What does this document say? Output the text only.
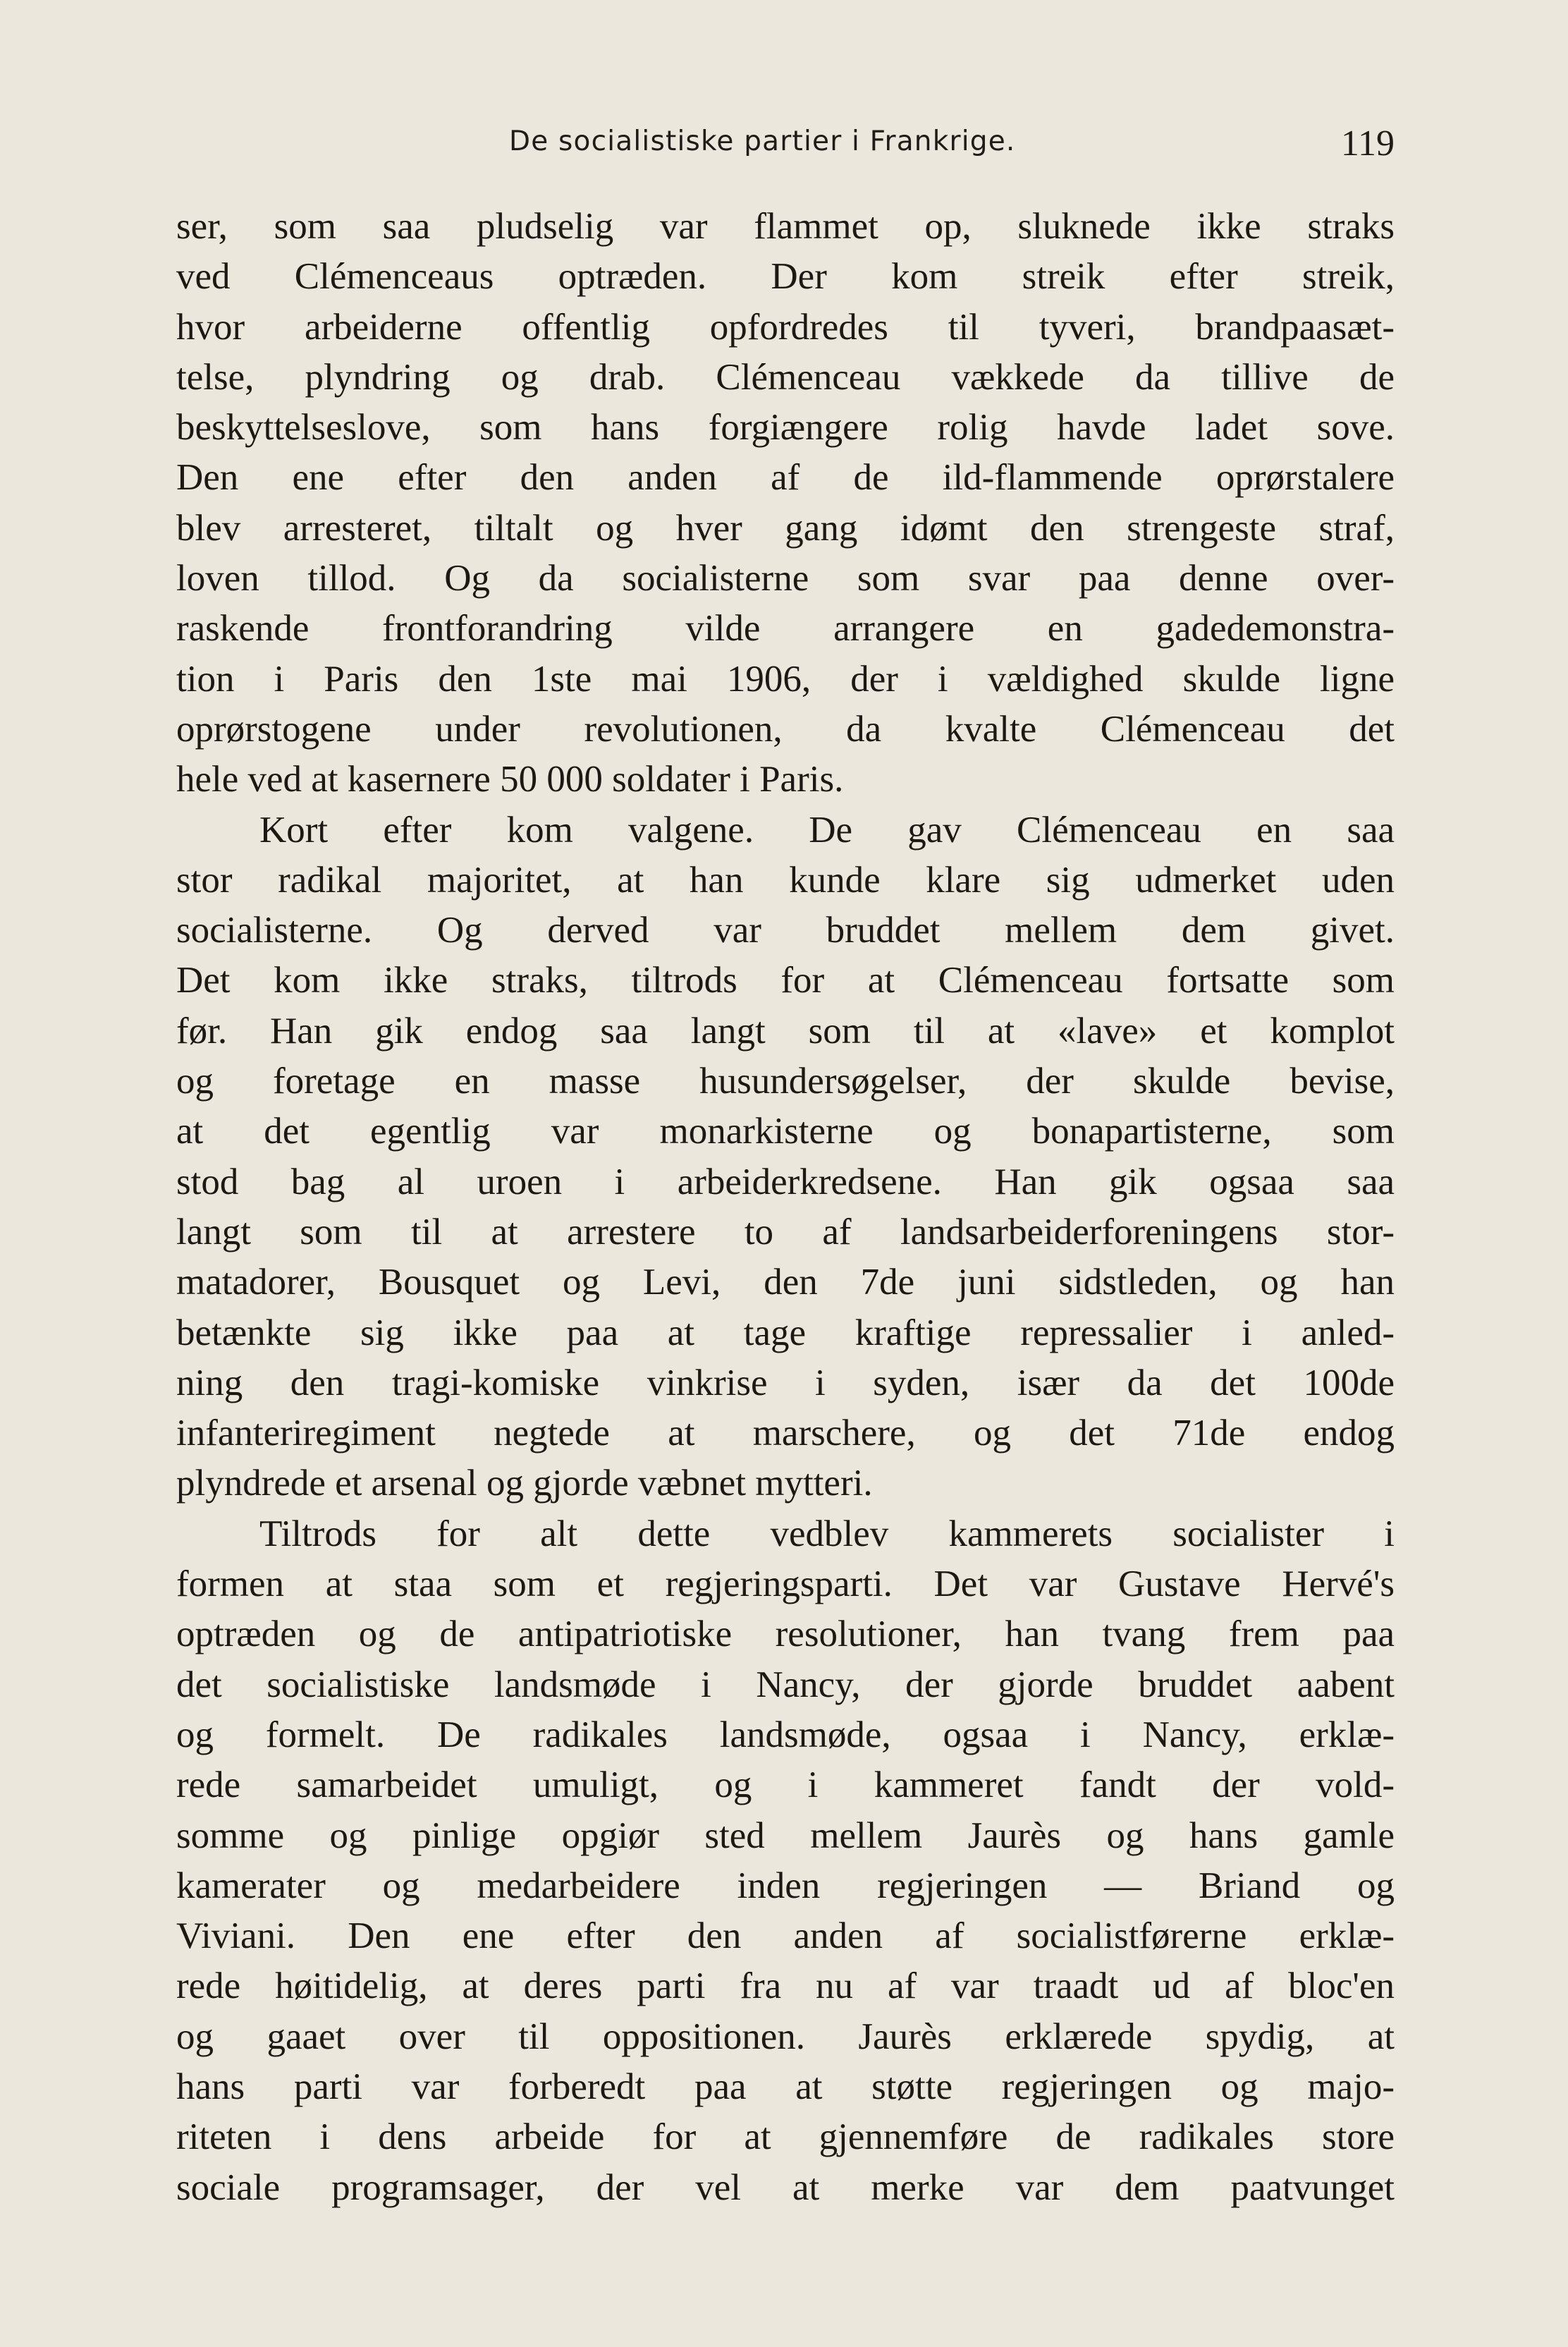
De socialistiske partier i Frankrige.	119
ser, som saa pludselig var flammet op, sluknede ikke straks
ved Clémenceaus optræden. Der kom streik efter streik,
hvor arbeiderne offentlig opfordredes til tyveri, brandpaasæt-
telse, plyndring og drab. Clémenceau vækkede da tillive de
beskyttelseslove, som hans forgiængere rolig havde ladet sove.
Den ene efter den anden af de ild-flammende oprørstalere
blev arresteret, tiltalt og hver gang idømt den strengeste straf,
loven tillod. Og da socialisterne som svar paa denne over-
raskende frontforandring vilde arrangere en gadedemonstra-
tion i Paris den 1ste mai 1906, der i vældighed skulde ligne
oprørstogene under revolutionen, da kvalte Clémenceau det
hele ved at kasernere 50 000 soldater i Paris.
Kort efter kom valgene. De gav Clémenceau en saa
stor radikal majoritet, at han kunde klare sig udmerket uden
socialisterne. Og derved var bruddet mellem dem givet.
Det kom ikke straks, tiltrods for at Clémenceau fortsatte som
før. Han gik endog saa langt som til at «lave» et komplot
og foretage en masse husundersøgelser, der skulde bevise,
at det egentlig var monarkisterne og bonapartisterne, som
stod bag al uroen i arbeiderkredsene. Han gik ogsaa saa
langt som til at arrestere to af landsarbeiderforeningens stor-
matadorer, Bousquet og Levi, den 7de juni sidstleden, og han
betænkte sig ikke paa at tage kraftige repressalier i anled-
ning den tragi-komiske vinkrise i syden, især da det 100de
infanteriregiment negtede at marschere, og det 71de endog
plyndrede et arsenal og gjorde væbnet mytteri.
Tiltrods for alt dette vedblev kammerets socialister i
formen at staa som et regjeringsparti. Det var Gustave Hervé's
optræden og de antipatriotiske resolutioner, han tvang frem paa
det socialistiske landsmøde i Nancy, der gjorde bruddet aabent
og formelt. De radikales landsmøde, ogsaa i Nancy, erklæ-
rede samarbeidet umuligt, og i kammeret fandt der vold-
somme og pinlige opgiør sted mellem Jaurès og hans gamle
kamerater og medarbeidere inden regjeringen — Briand og
Viviani. Den ene efter den anden af socialistførerne erklæ-
rede høitidelig, at deres parti fra nu af var traadt ud af bloc'en
og gaaet over til oppositionen. Jaurès erklærede spydig, at
hans parti var forberedt paa at støtte regjeringen og majo-
riteten i dens arbeide for at gjennemføre de radikales store
sociale programsager, der vel at merke var dem paatvunget
